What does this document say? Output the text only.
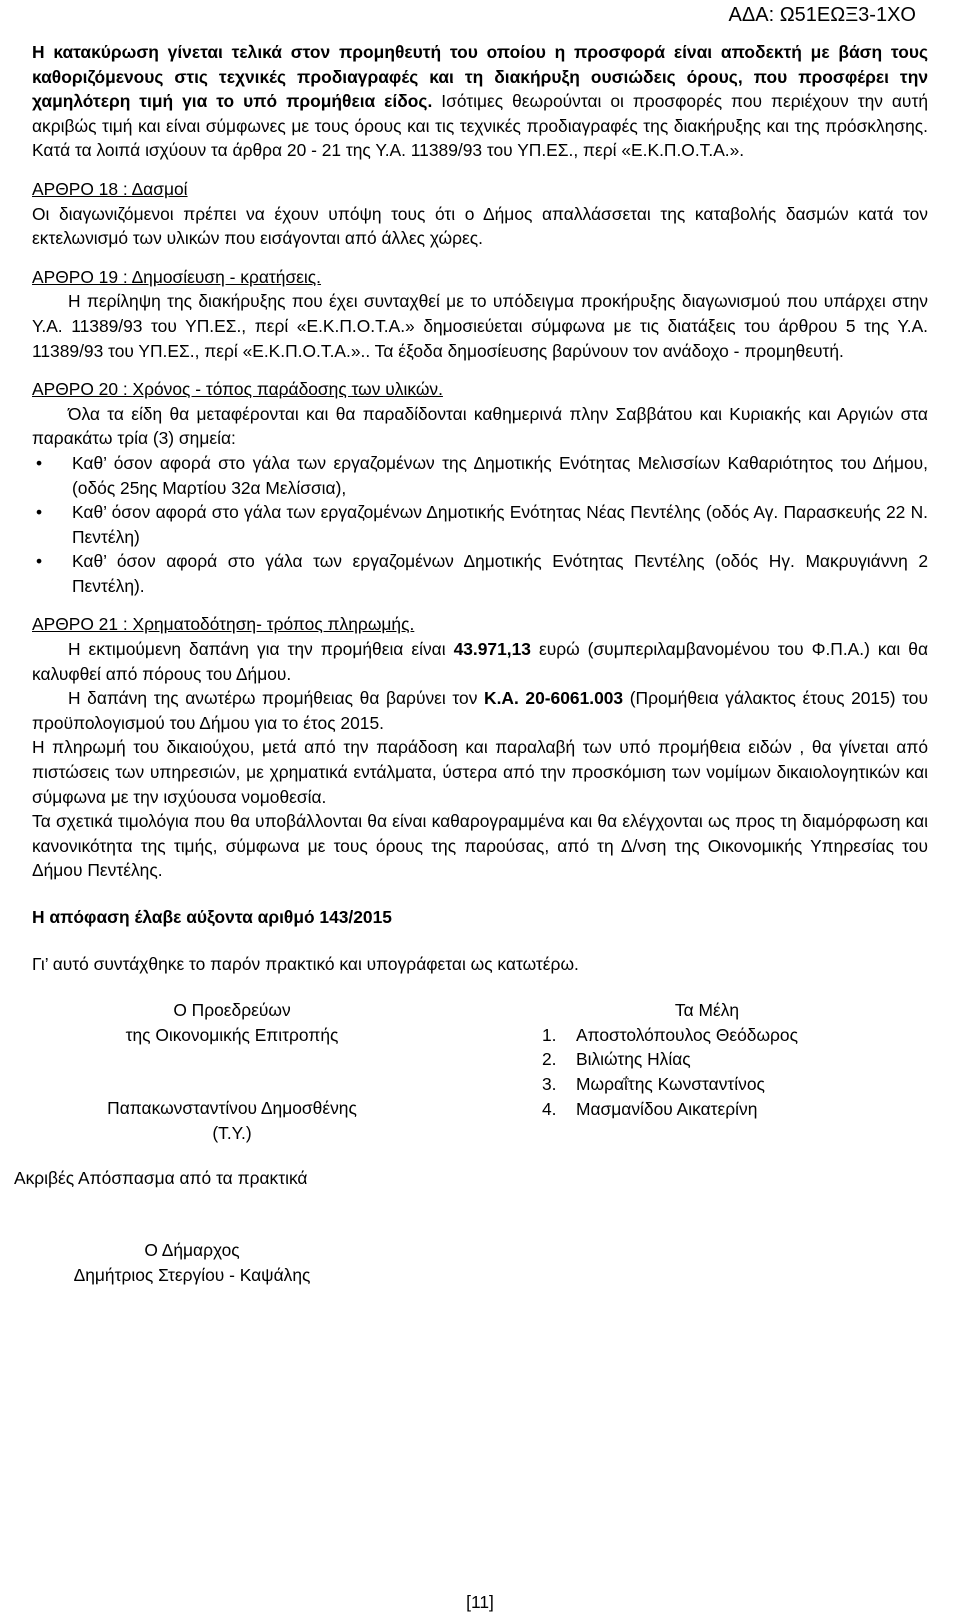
ΑΔΑ: Ω51ΕΩΞ3-1ΧΟ

Η κατακύρωση γίνεται τελικά στον προμηθευτή του οποίου η προσφορά είναι αποδεκτή με βάση τους καθοριζόμενους στις τεχνικές προδιαγραφές και τη διακήρυξη ουσιώδεις όρους, που προσφέρει την χαμηλότερη τιμή για το υπό προμήθεια είδος. Ισότιμες θεωρούνται οι προσφορές που περιέχουν την αυτή ακριβώς τιμή και είναι σύμφωνες με τους όρους και τις τεχνικές προδιαγραφές της διακήρυξης και της πρόσκλησης. Κατά τα λοιπά ισχύουν τα άρθρα 20 - 21 της Υ.Α. 11389/93 του ΥΠ.ΕΣ., περί «Ε.Κ.Π.Ο.Τ.Α.».

ΑΡΘΡΟ 18 : Δασμοί

Οι διαγωνιζόμενοι πρέπει να έχουν υπόψη τους ότι ο Δήμος απαλλάσσεται της καταβολής δασμών κατά τον εκτελωνισμό των υλικών που εισάγονται από άλλες χώρες.

ΑΡΘΡΟ 19 : Δημοσίευση - κρατήσεις.

Η περίληψη της διακήρυξης που έχει συνταχθεί με το υπόδειγμα προκήρυξης διαγωνισμού που υπάρχει στην Υ.Α. 11389/93 του ΥΠ.ΕΣ., περί «Ε.Κ.Π.Ο.Τ.Α.» δημοσιεύεται σύμφωνα με τις διατάξεις του άρθρου 5 της Υ.Α. 11389/93 του ΥΠ.ΕΣ., περί «Ε.Κ.Π.Ο.Τ.Α.».. Τα έξοδα δημοσίευσης βαρύνουν τον ανάδοχο - προμηθευτή.

ΑΡΘΡΟ 20 : Χρόνος - τόπος παράδοσης των υλικών.

Όλα τα είδη θα μεταφέρονται και θα παραδίδονται καθημερινά πλην Σαββάτου και Κυριακής και Αργιών στα παρακάτω τρία (3) σημεία:

• Καθ’ όσον αφορά στο γάλα των εργαζομένων της Δημοτικής Ενότητας Μελισσίων Καθαριότητος του Δήμου, (οδός 25ης Μαρτίου 32α Μελίσσια),
• Καθ’ όσον αφορά στο γάλα των εργαζομένων Δημοτικής Ενότητας Νέας Πεντέλης (οδός Αγ. Παρασκευής 22 Ν. Πεντέλη)
• Καθ’ όσον αφορά στο γάλα των εργαζομένων Δημοτικής Ενότητας Πεντέλης (οδός Ηγ. Μακρυγιάννη 2 Πεντέλη).

ΑΡΘΡΟ 21 : Χρηματοδότηση- τρόπος πληρωμής.

Η εκτιμούμενη δαπάνη για την προμήθεια είναι 43.971,13 ευρώ (συμπεριλαμβανομένου του Φ.Π.Α.) και θα καλυφθεί από πόρους του Δήμου.

Η δαπάνη της ανωτέρω προμήθειας θα βαρύνει τον Κ.Α. 20-6061.003 (Προμήθεια γάλακτος έτους 2015) του προϋπολογισμού του Δήμου για το έτος 2015.

Η πληρωμή του δικαιούχου, μετά από την παράδοση και παραλαβή των υπό προμήθεια ειδών , θα γίνεται από πιστώσεις των υπηρεσιών, με χρηματικά εντάλματα, ύστερα από την προσκόμιση των νομίμων δικαιολογητικών και σύμφωνα με την ισχύουσα νομοθεσία.

Τα σχετικά τιμολόγια που θα υποβάλλονται θα είναι καθαρογραμμένα και θα ελέγχονται ως προς τη διαμόρφωση και κανονικότητα της τιμής, σύμφωνα με τους όρους της παρούσας, από τη Δ/νση της Οικονομικής Υπηρεσίας του Δήμου Πεντέλης.

Η απόφαση έλαβε αύξοντα αριθμό 143/2015

Γι’ αυτό συντάχθηκε το παρόν πρακτικό και υπογράφεται ως κατωτέρω.

Ο Προεδρεύων
της Οικονομικής Επιτροπής
Παπακωνσταντίνου Δημοσθένης
(Τ.Υ.)
Τα Μέλη
1.	Αποστολόπουλος Θεόδωρος
2.	Βιλιώτης Ηλίας
3.	Μωραΐτης Κωνσταντίνος
4.	Μασμανίδου Αικατερίνη
Ακριβές Απόσπασμα από τα πρακτικά
Ο Δήμαρχος
Δημήτριος Στεργίου - Καψάλης
[11]
